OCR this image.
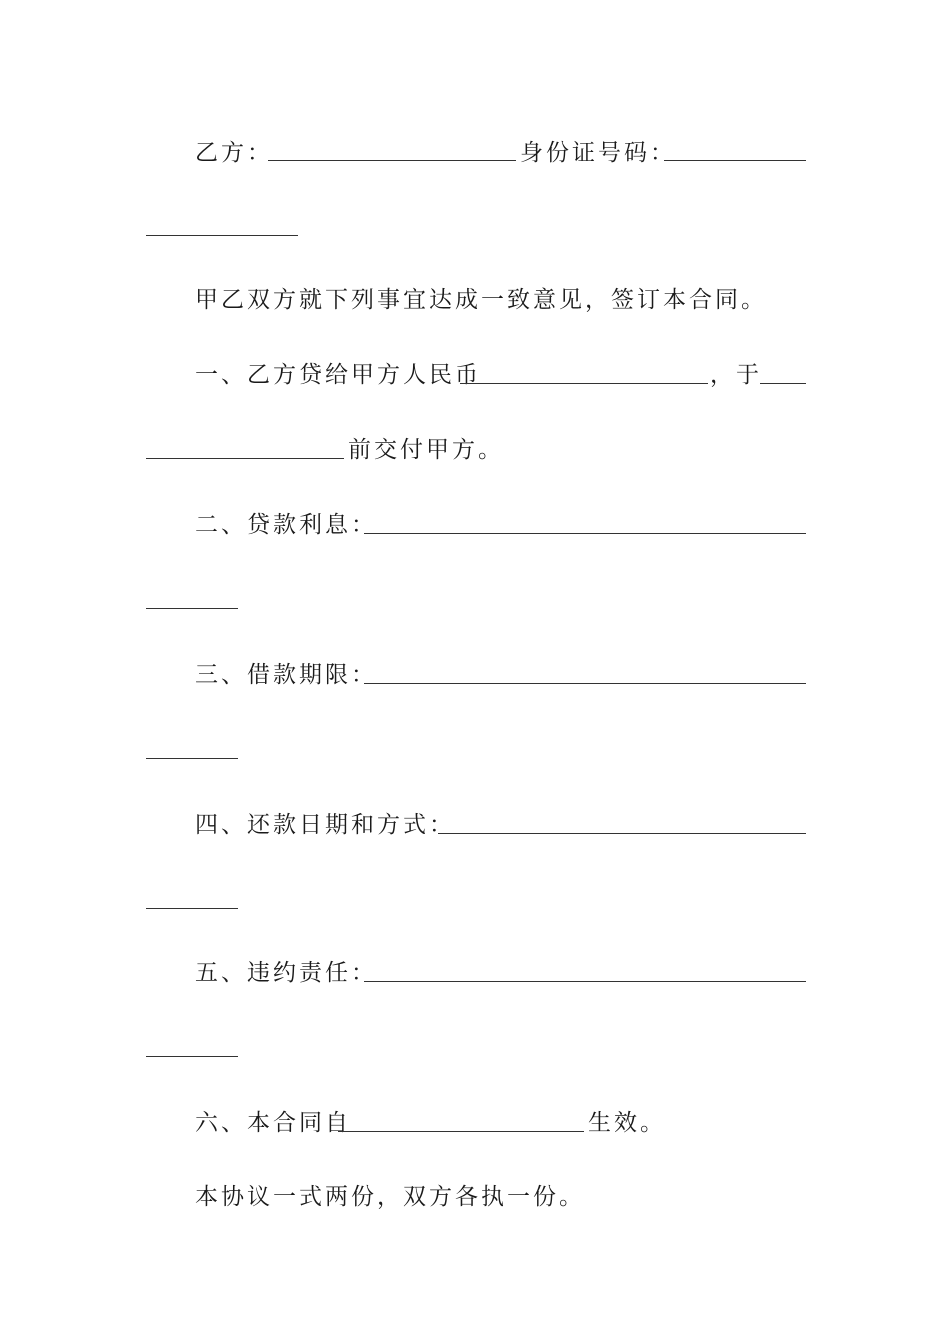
乙方：	身份证号码：
甲乙双方就下列事宜达成一致意见，签订本合同。
一、乙方贷给甲方人民币	，于
前交付甲方。
二、贷款利息：
三、借款期限：
四、还款日期和方式：
五、违约责任：
六、本合同自	生效。
本协议一式两份，双方各执一份。
